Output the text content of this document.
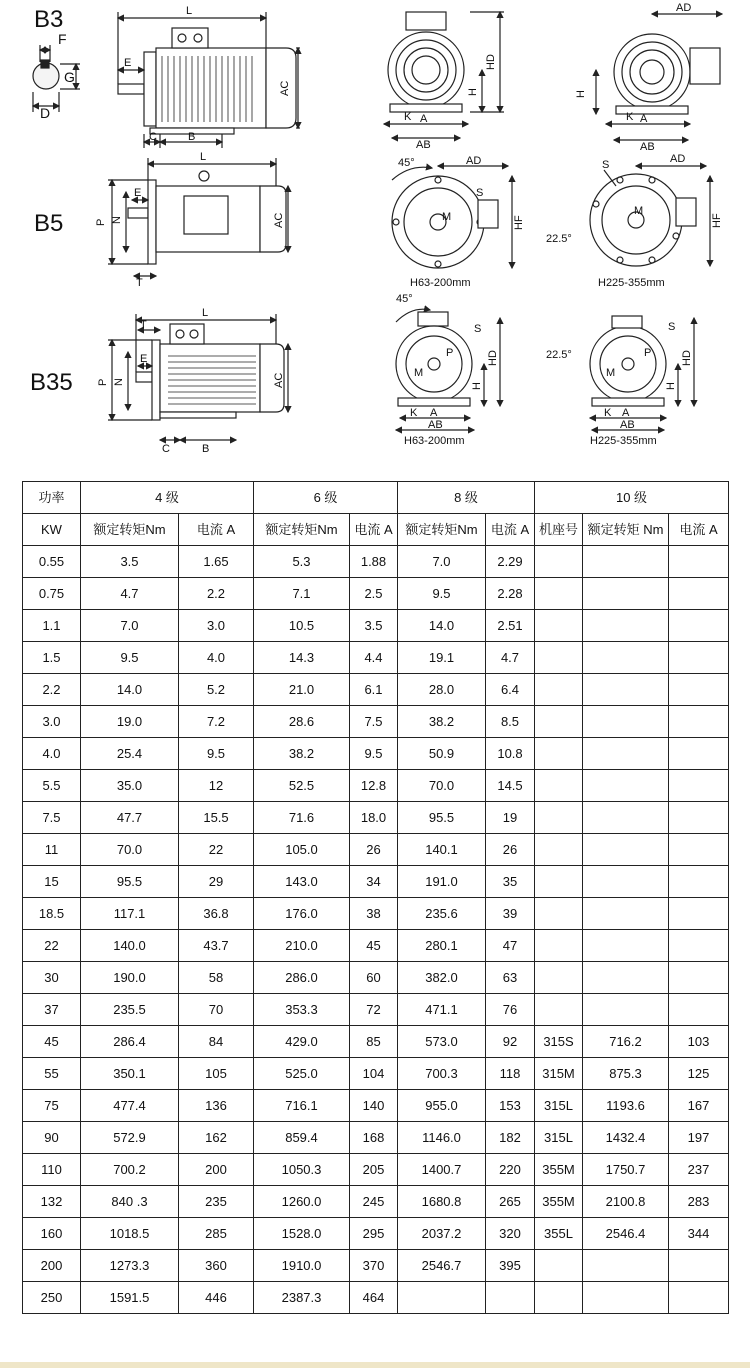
B3
B5
B35
F
G
D
L
AC
E
C	B
A
AB
K
HD
H
AD
A
AB
K
H
L
P N
E
T
AC
45°	AD
S
M	HF
H63-200mm
AD
S
M
22.5°
HF
H225-355mm
L
T
P N
E
C	B
AC
45°
S
P
M
A
K
AB
HD
H
H63-200mm
S
P
M
22.5°
A
K
AB
HD
H
H225-355mm
功率	4 级		6 级		8 级		10 级		
KW	额定转矩Nm	电流 A	额定转矩Nm	电流 A	额定转矩Nm	电流 A	机座号	额定转矩 Nm	电流 A
0.55	3.5	1.65	5.3	1.88	7.0	2.29			
0.75	4.7	2.2	7.1	2.5	9.5	2.28			
1.1	7.0	3.0	10.5	3.5	14.0	2.51			
1.5	9.5	4.0	14.3	4.4	19.1	4.7			
2.2	14.0	5.2	21.0	6.1	28.0	6.4			
3.0	19.0	7.2	28.6	7.5	38.2	8.5			
4.0	25.4	9.5	38.2	9.5	50.9	10.8			
5.5	35.0	12	52.5	12.8	70.0	14.5			
7.5	47.7	15.5	71.6	18.0	95.5	19			
11	70.0	22	105.0	26	140.1	26			
15	95.5	29	143.0	34	191.0	35			
18.5	117.1	36.8	176.0	38	235.6	39			
22	140.0	43.7	210.0	45	280.1	47			
30	190.0	58	286.0	60	382.0	63			
37	235.5	70	353.3	72	471.1	76			
45	286.4	84	429.0	85	573.0	92	315S	716.2	103
55	350.1	105	525.0	104	700.3	118	315M	875.3	125
75	477.4	136	716.1	140	955.0	153	315L	1193.6	167
90	572.9	162	859.4	168	1146.0	182	315L	1432.4	197
110	700.2	200	1050.3	205	1400.7	220	355M	1750.7	237
132	840 .3	235	1260.0	245	1680.8	265	355M	2100.8	283
160	1018.5	285	1528.0	295	2037.2	320	355L	2546.4	344
200	1273.3	360	1910.0	370	2546.7	395			
250	1591.5	446	2387.3	464					
